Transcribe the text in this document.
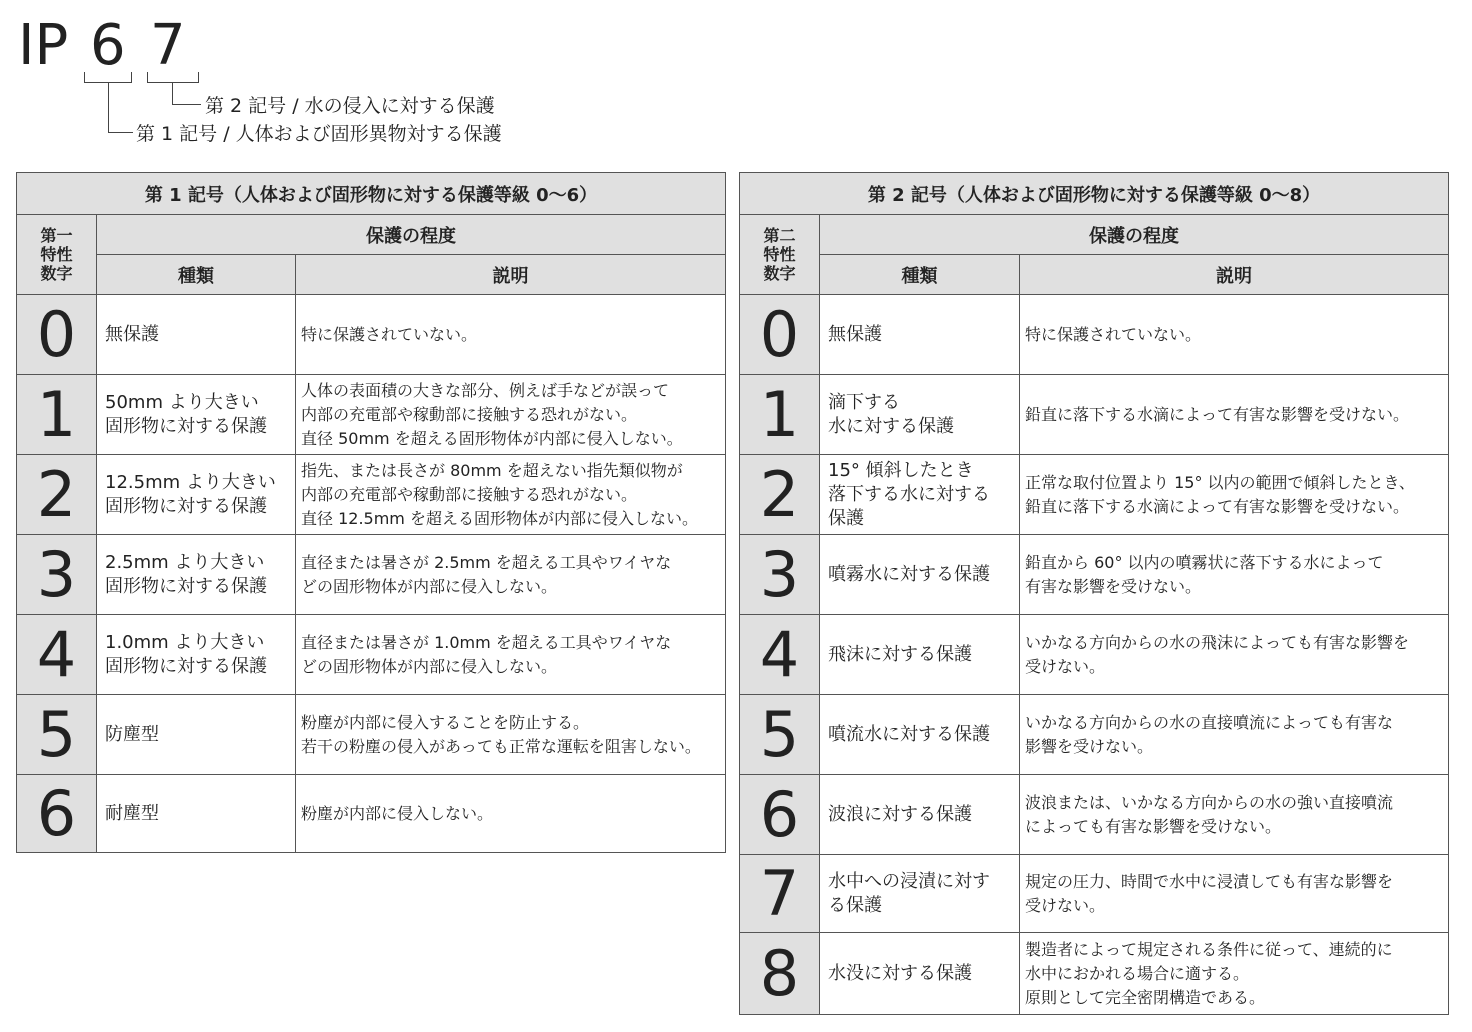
IP 6 7
第 2 記号 / 水の侵入に対する保護
第 1 記号 / 人体および固形異物対する保護
第 1 記号（人体および固形物に対する保護等級 0～6）		
第一
特性
数字	保護の程度	
	種類	説明
0	無保護	特に保護されていない。
1	50mm より大きい
固形物に対する保護	人体の表面積の大きな部分、例えば手などが誤って
内部の充電部や稼動部に接触する恐れがない。
直径 50mm を超える固形物体が内部に侵入しない。
2	12.5mm より大きい
固形物に対する保護	指先、または長さが 80mm を超えない指先類似物が
内部の充電部や稼動部に接触する恐れがない。
直径 12.5mm を超える固形物体が内部に侵入しない。
3	2.5mm より大きい
固形物に対する保護	直径または暑さが 2.5mm を超える工具やワイヤな
どの固形物体が内部に侵入しない。
4	1.0mm より大きい
固形物に対する保護	直径または暑さが 1.0mm を超える工具やワイヤな
どの固形物体が内部に侵入しない。
5	防塵型	粉塵が内部に侵入することを防止する。
若干の粉塵の侵入があっても正常な運転を阻害しない。
6	耐塵型	粉塵が内部に侵入しない。
第 2 記号（人体および固形物に対する保護等級 0～8）		
第二
特性
数字	保護の程度	
	種類	説明
0	無保護	特に保護されていない。
1	滴下する
水に対する保護	鉛直に落下する水滴によって有害な影響を受けない。
2	15° 傾斜したとき
落下する水に対する
保護	正常な取付位置より 15° 以内の範囲で傾斜したとき、
鉛直に落下する水滴によって有害な影響を受けない。
3	噴霧水に対する保護	鉛直から 60° 以内の噴霧状に落下する水によって
有害な影響を受けない。
4	飛沫に対する保護	いかなる方向からの水の飛沫によっても有害な影響を
受けない。
5	噴流水に対する保護	いかなる方向からの水の直接噴流によっても有害な
影響を受けない。
6	波浪に対する保護	波浪または、いかなる方向からの水の強い直接噴流
によっても有害な影響を受けない。
7	水中への浸漬に対す
る保護	規定の圧力、時間で水中に浸漬しても有害な影響を
受けない。
8	水没に対する保護	製造者によって規定される条件に従って、連続的に
水中におかれる場合に適する。
原則として完全密閉構造である。
